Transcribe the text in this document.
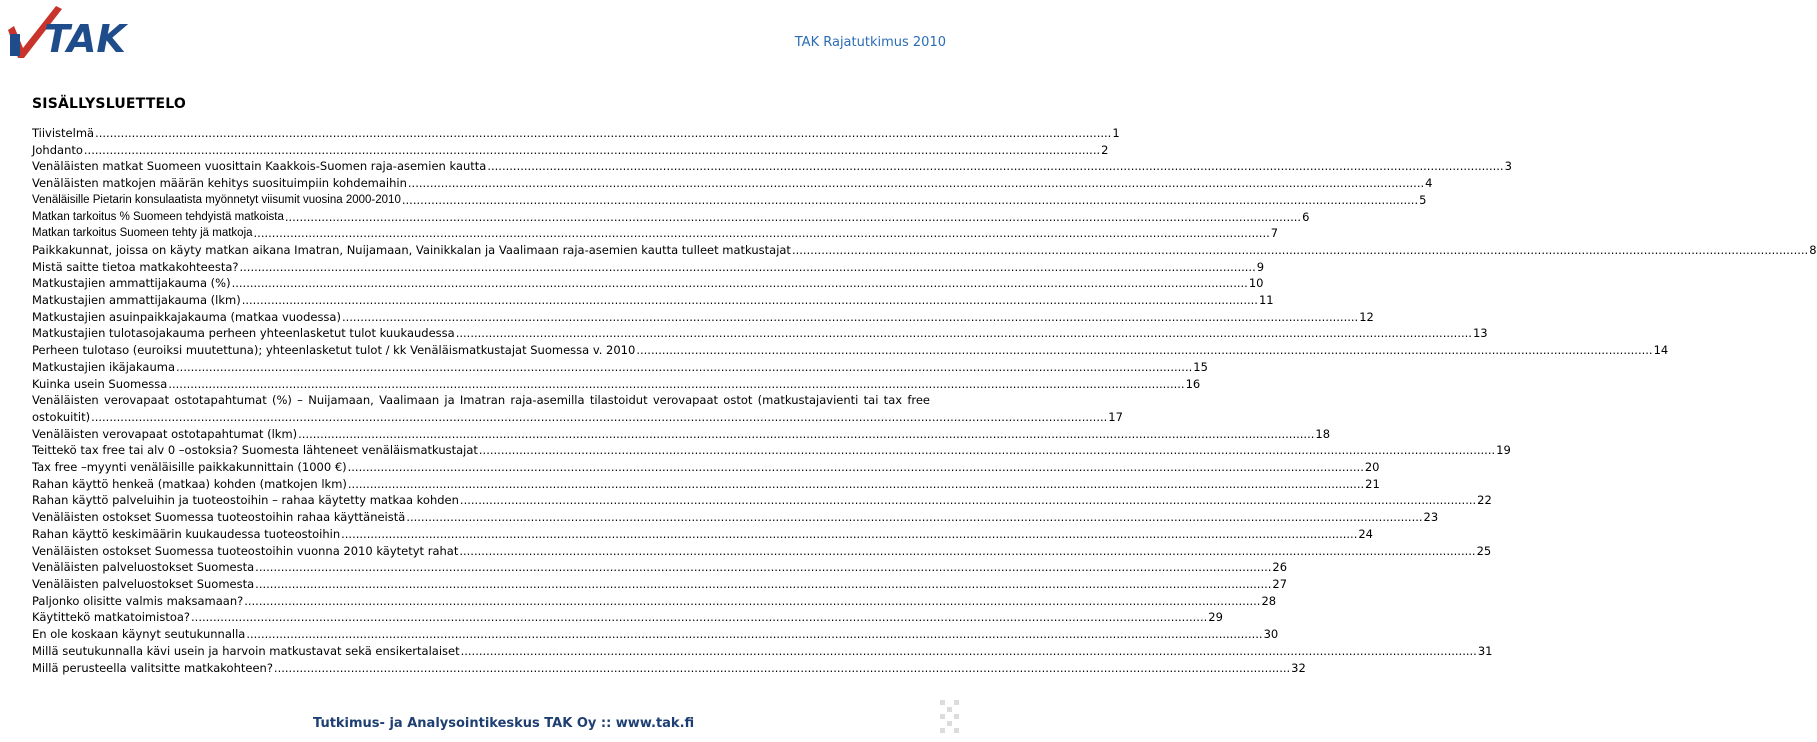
TAK	TAK Rajatutkimus 2010
SISÄLLYSLUETTELO
Tiivistelmä .....	1
Johdanto .....	2
Venäläisten matkat Suomeen vuosittain Kaakkois-Suomen raja-asemien kautta .....	3
Venäläisten matkojen määrän kehitys suosituimpiin kohdemaihin .....	4
Venäläisille Pietarin konsulaatista myönnetyt viisumit vuosina 2000-2010 .....	5
Matkan tarkoitus % Suomeen tehdyistä matkoista .....	6
Matkan tarkoitus Suomeen tehty jä matkoja .....	7
Paikkakunnat, joissa on käyty matkan aikana Imatran, Nuijamaan, Vainikkalan ja Vaalimaan raja-asemien kautta tulleet matkustajat .....	8
Mistä saitte tietoa matkakohteesta? .....	9
Matkustajien ammattijakauma (%) .....	10
Matkustajien ammattijakauma (lkm) .....	11
Matkustajien asuinpaikkajakauma (matkaa vuodessa) .....	12
Matkustajien tulotasojakauma perheen yhteenlasketut tulot kuukaudessa .....	13
Perheen tulotaso (euroiksi muutettuna); yhteenlasketut tulot / kk Venäläismatkustajat Suomessa v. 2010 .....	14
Matkustajien ikäjakauma .....	15
Kuinka usein Suomessa .....	16
Venäläisten verovapaat ostotapahtumat (%) – Nuijamaan, Vaalimaan ja Imatran raja-asemilla tilastoidut verovapaat ostot (matkustajavienti tai tax free
ostokuitit) .....	17
Venäläisten verovapaat ostotapahtumat (lkm) .....	18
Teittekö tax free tai alv 0 –ostoksia? Suomesta lähteneet venäläismatkustajat .....	19
Tax free –myynti venäläisille paikkakunnittain (1000 €) .....	20
Rahan käyttö henkeä (matkaa) kohden (matkojen lkm) .....	21
Rahan käyttö palveluihin ja tuoteostoihin – rahaa käytetty matkaa kohden .....	22
Venäläisten ostokset Suomessa tuoteostoihin rahaa käyttäneistä .....	23
Rahan käyttö keskimäärin kuukaudessa tuoteostoihin .....	24
Venäläisten ostokset Suomessa tuoteostoihin vuonna 2010 käytetyt rahat .....	25
Venäläisten palveluostokset Suomesta .....	26
Venäläisten palveluostokset Suomesta .....	27
Paljonko olisitte valmis maksamaan? .....	28
Käytittekö matkatoimistoa? .....	29
En ole koskaan käynyt seutukunnalla .....	30
Millä seutukunnalla kävi usein ja harvoin matkustavat sekä ensikertalaiset .....	31
Millä perusteella valitsitte matkakohteen? .....	32
Tutkimus- ja Analysointikeskus TAK Oy :: www.tak.fi
